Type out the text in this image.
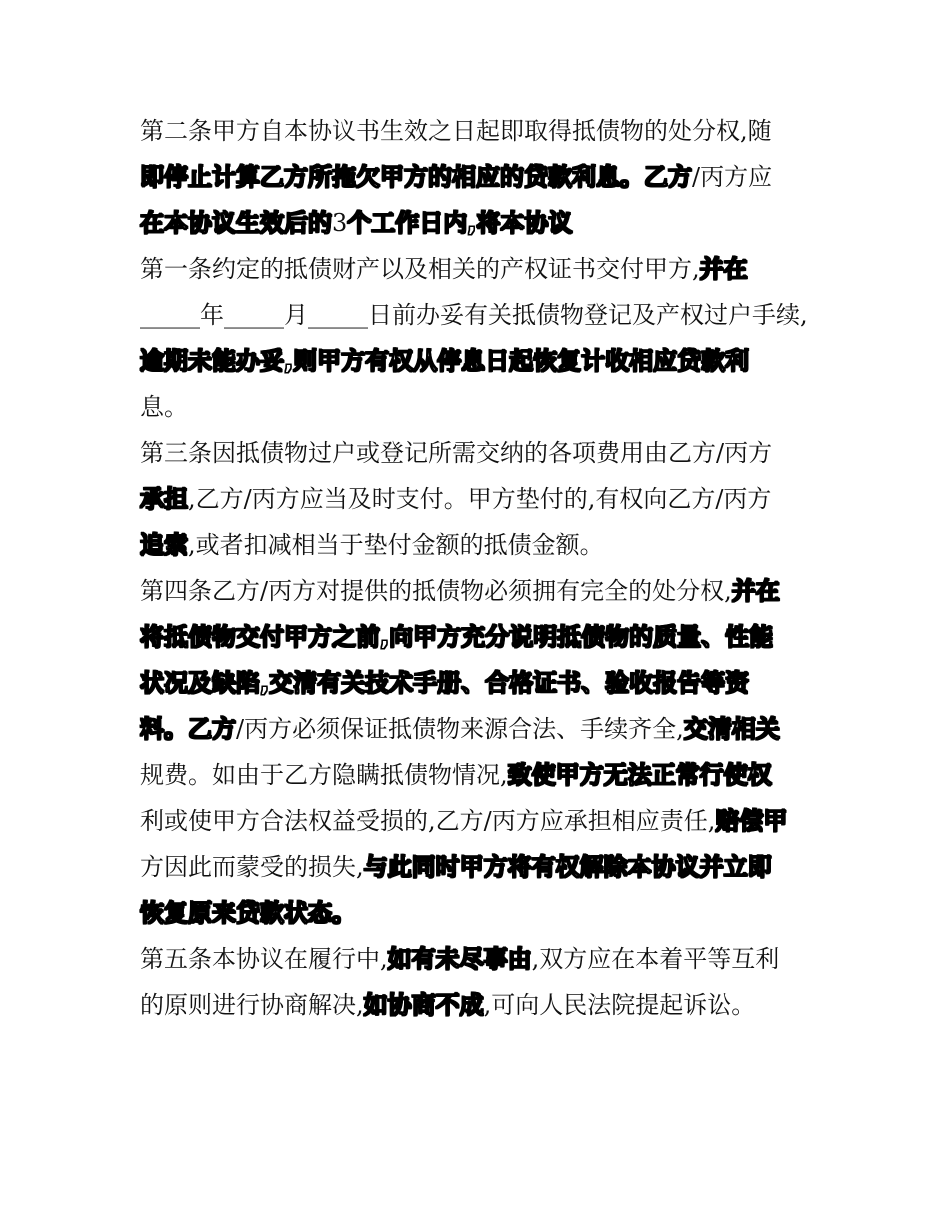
第二条甲方自本协议书生效之日起即取得抵债物的处分权,随
即停止计算乙方所拖欠甲方的相应的贷款利息。乙方/丙方应
在本协议生效后的3个工作日内,将本协议
第一条约定的抵债财产以及相关的产权证书交付甲方,并在
_____年_____月_____日前办妥有关抵债物登记及产权过户手续,
逾期未能办妥,则甲方有权从停息日起恢复计收相应贷款利
息。
第三条因抵债物过户或登记所需交纳的各项费用由乙方/丙方
承担,乙方/丙方应当及时支付。甲方垫付的,有权向乙方/丙方
追索,或者扣减相当于垫付金额的抵债金额。
第四条乙方/丙方对提供的抵债物必须拥有完全的处分权,并在
将抵债物交付甲方之前,向甲方充分说明抵债物的质量、性能
状况及缺陷,交清有关技术手册、合格证书、验收报告等资
料。乙方/丙方必须保证抵债物来源合法、手续齐全,交清相关
规费。如由于乙方隐瞒抵债物情况,致使甲方无法正常行使权
利或使甲方合法权益受损的,乙方/丙方应承担相应责任,赔偿甲
方因此而蒙受的损失,与此同时甲方将有权解除本协议并立即
恢复原来贷款状态。
第五条本协议在履行中,如有未尽事由,双方应在本着平等互利
的原则进行协商解决,如协商不成,可向人民法院提起诉讼。
